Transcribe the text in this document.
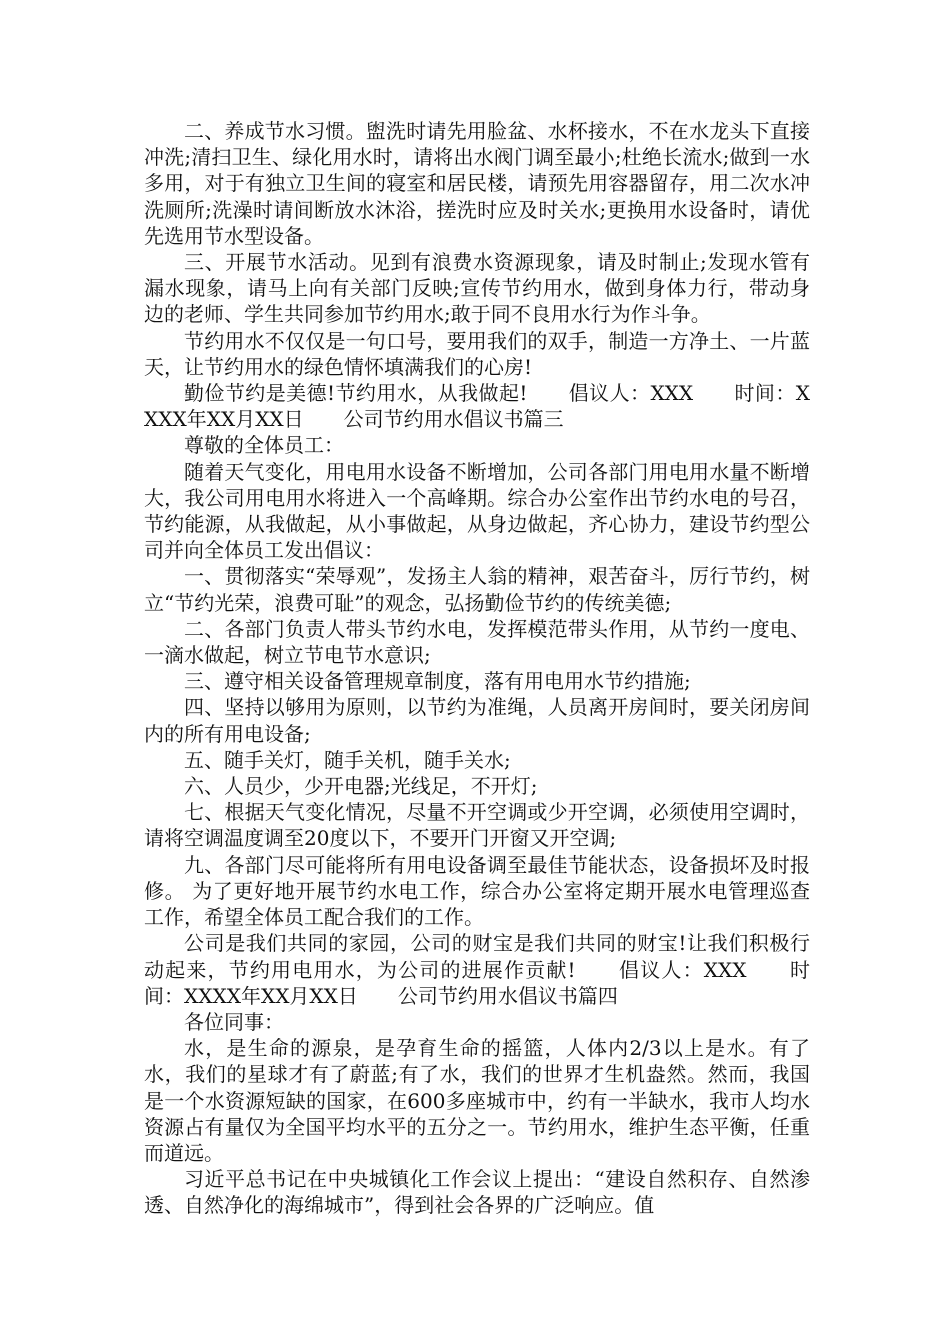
二、养成节水习惯。盥洗时请先用脸盆、水杯接水，不在水龙头下直接冲洗;清扫卫生、绿化用水时，请将出水阀门调至最小;杜绝长流水;做到一水多用，对于有独立卫生间的寝室和居民楼，请预先用容器留存，用二次水冲洗厕所;洗澡时请间断放水沐浴，搓洗时应及时关水;更换用水设备时，请优先选用节水型设备。

三、开展节水活动。见到有浪费水资源现象，请及时制止;发现水管有漏水现象，请马上向有关部门反映;宣传节约用水，做到身体力行，带动身边的老师、学生共同参加节约用水;敢于同不良用水行为作斗争。

节约用水不仅仅是一句口号，要用我们的双手，制造一方净土、一片蓝天，让节约用水的绿色情怀填满我们的心房!

勤俭节约是美德!节约用水，从我做起!　　倡议人：XXX　　时间：XXXX年XX月XX日　　公司节约用水倡议书篇三

尊敬的全体员工：

随着天气变化，用电用水设备不断增加，公司各部门用电用水量不断增大，我公司用电用水将进入一个高峰期。综合办公室作出节约水电的号召，节约能源，从我做起，从小事做起，从身边做起，齐心协力，建设节约型公司并向全体员工发出倡议：

一、贯彻落实“荣辱观”，发扬主人翁的精神，艰苦奋斗，厉行节约，树立“节约光荣，浪费可耻”的观念，弘扬勤俭节约的传统美德;

二、各部门负责人带头节约水电，发挥模范带头作用，从节约一度电、一滴水做起，树立节电节水意识;

三、遵守相关设备管理规章制度，落有用电用水节约措施;

四、坚持以够用为原则，以节约为准绳，人员离开房间时，要关闭房间内的所有用电设备;

五、随手关灯，随手关机，随手关水;

六、人员少，少开电器;光线足，不开灯;

七、根据天气变化情况，尽量不开空调或少开空调，必须使用空调时，请将空调温度调至20度以下，不要开门开窗又开空调;

九、各部门尽可能将所有用电设备调至最佳节能状态，设备损坏及时报修。 为了更好地开展节约水电工作，综合办公室将定期开展水电管理巡查工作，希望全体员工配合我们的工作。

公司是我们共同的家园，公司的财宝是我们共同的财宝!让我们积极行动起来，节约用电用水，为公司的进展作贡献!　　倡议人：XXX　　时间：XXXX年XX月XX日　　公司节约用水倡议书篇四

各位同事：

水，是生命的源泉，是孕育生命的摇篮，人体内2/3以上是水。有了水，我们的星球才有了蔚蓝;有了水，我们的世界才生机盎然。然而，我国是一个水资源短缺的国家，在600多座城市中，约有一半缺水，我市人均水资源占有量仅为全国平均水平的五分之一。节约用水，维护生态平衡，任重而道远。

习近平总书记在中央城镇化工作会议上提出：“建设自然积存、自然渗透、自然净化的海绵城市”，得到社会各界的广泛响应。值
